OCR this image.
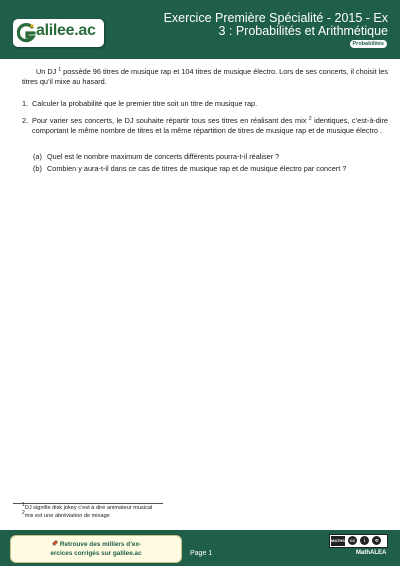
alilee.ac
Exercice Première Spécialité - 2015 - Ex
3 : Probabilités et Arithmétique
Probabilités

Un DJ $^1$ possède 96 titres de musique rap et 104 titres de musique électro. Lors de ses concerts, il choisit les titres qu’il mixe au hasard.

1. Calculer la probabilité que le premier titre soit un titre de musique rap.
2. Pour varier ses concerts, le DJ souhaite répartir tous ses titres en réalisant des mix $^2$ identiques, c’est-à-dire comportant le même nombre de titres et la même répartition de titres de musique rap et de musique électro .
(a) Quel est le nombre maximum de concerts différents pourra-t-il réaliser ?
(b) Combien y aura-t-il dans ce cas de titres de musique rap et de musique électro par concert ?
$^1$DJ signifie disk jokey c’est à dire animateur musical
$^2$mix est une abréviation de mixage
Retrouve des milliers d’ex-
ercices corrigés sur galilee.ac	Page 1
MATHS	cc	i	⟲
MathALEA
